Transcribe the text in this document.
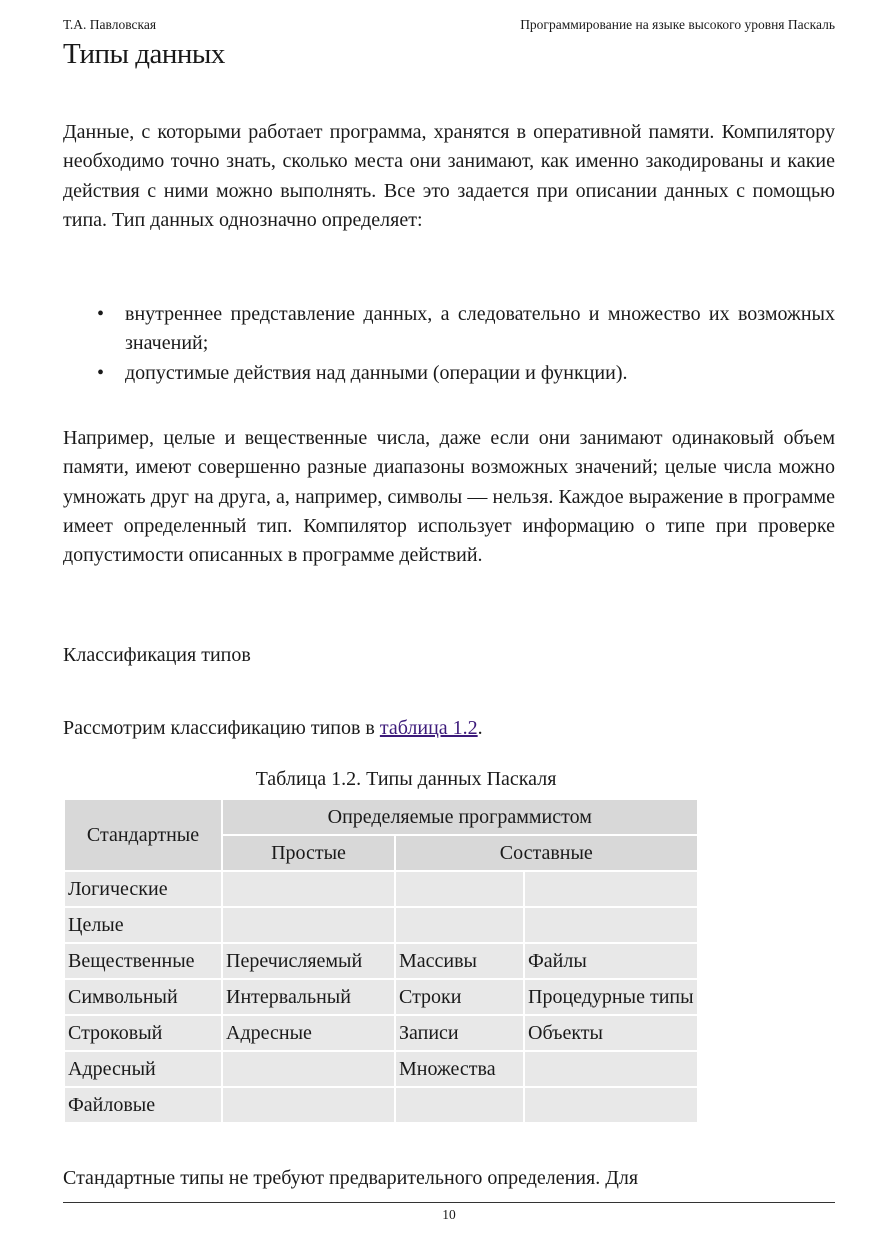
Т.А. Павловская	Программирование на языке высокого уровня Паскаль
Типы данных
Данные, с которыми работает программа, хранятся в оперативной памяти. Компилятору необходимо точно знать, сколько места они занимают, как именно закодированы и какие действия с ними можно выполнять. Все это задается при описании данных с помощью типа. Тип данных однозначно определяет:
• внутреннее представление данных, а следовательно и множество их возможных значений;
• допустимые действия над данными (операции и функции).
Например, целые и вещественные числа, даже если они занимают одинаковый объем памяти, имеют совершенно разные диапазоны возможных значений; целые числа можно умножать друг на друга, а, например, символы — нельзя. Каждое выражение в программе имеет определенный тип. Компилятор использует информацию о типе при проверке допустимости описанных в программе действий.
Классификация типов
Рассмотрим классификацию типов в таблица 1.2.
Таблица 1.2. Типы данных Паскаля
Стандартные	Определяемые программистом		
	Простые	Составные	
Логические			
Целые			
Вещественные	Перечисляемый	Массивы	Файлы
Символьный	Интервальный	Строки	Процедурные типы
Строковый	Адресные	Записи	Объекты
Адресный		Множества	
Файловые			
Стандартные типы не требуют предварительного определения. Для
10
